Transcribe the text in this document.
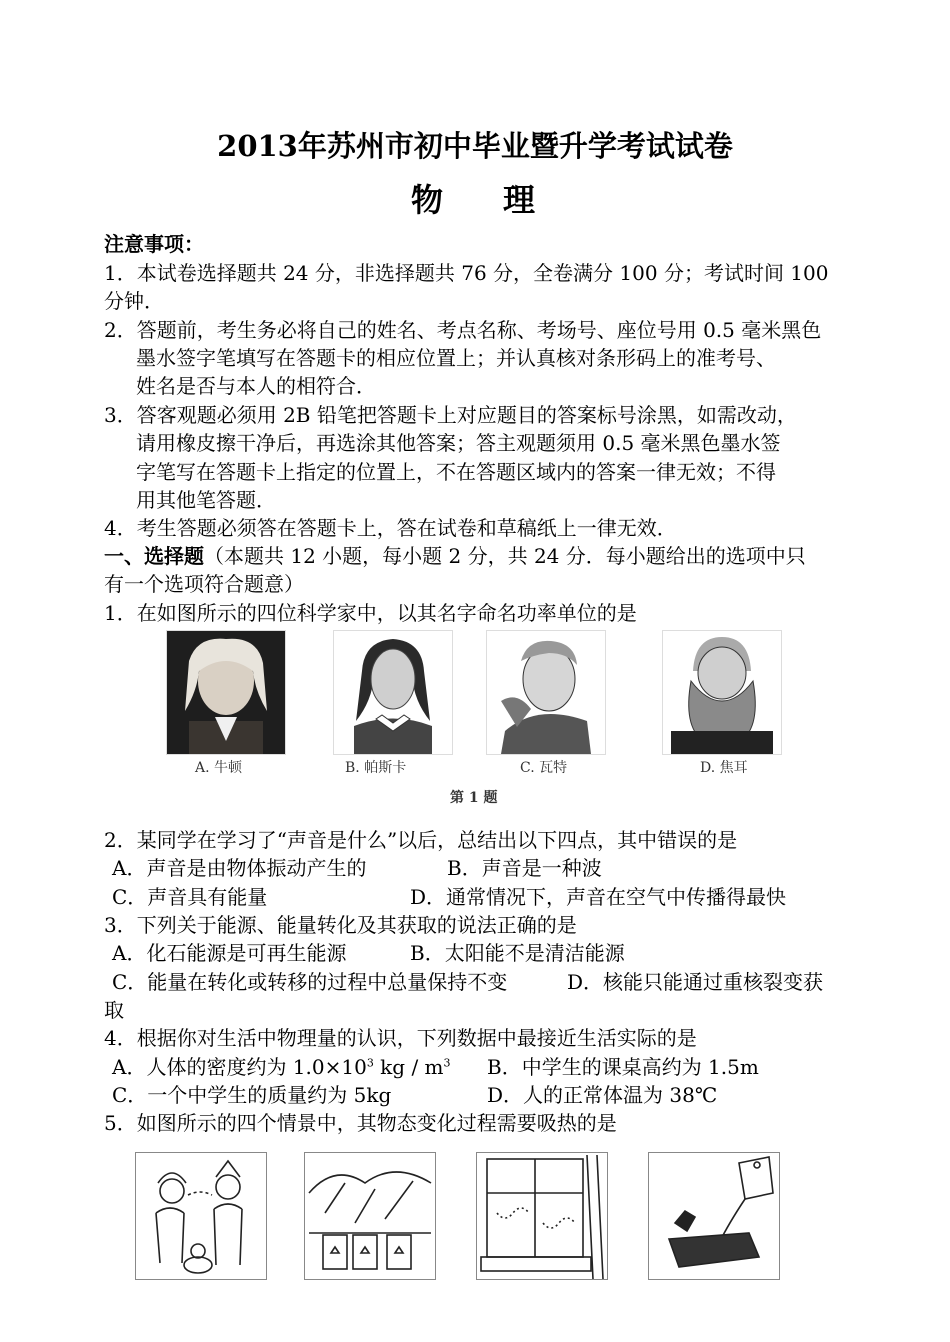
2013年苏州市初中毕业暨升学考试试卷
物 理
注意事项：
1．本试卷选择题共 24 分，非选择题共 76 分，全卷满分 100 分；考试时间 100
分钟．
2．答题前，考生务必将自己的姓名、考点名称、考场号、座位号用 0.5 毫米黑色
墨水签字笔填写在答题卡的相应位置上；并认真核对条形码上的准考号、
姓名是否与本人的相符合．
3．答客观题必须用 2B 铅笔把答题卡上对应题目的答案标号涂黑，如需改动，
请用橡皮擦干净后，再选涂其他答案；答主观题须用 0.5 毫米黑色墨水签
字笔写在答题卡上指定的位置上，不在答题区域内的答案一律无效；不得
用其他笔答题．
4．考生答题必须答在答题卡上，答在试卷和草稿纸上一律无效．
一、选择题（本题共 12 小题，每小题 2 分，共 24 分．每小题给出的选项中只
有一个选项符合题意）
1．在如图所示的四位科学家中，以其名字命名功率单位的是
2．某同学在学习了“声音是什么”以后，总结出以下四点，其中错误的是
A．声音是由物体振动产生的	B．声音是一种波
C．声音具有能量	D．通常情况下，声音在空气中传播得最快
3．下列关于能源、能量转化及其获取的说法正确的是
A．化石能源是可再生能源	B．太阳能不是清洁能源
C．能量在转化或转移的过程中总量保持不变	D．核能只能通过重核裂变获
取
4．根据你对生活中物理量的认识，下列数据中最接近生活实际的是
A．人体的密度约为 $1.0\times 10^3$ kg / $m^3$ B．中学生的课桌高约为 1.5m
C．一个中学生的质量约为 5kg	D．人的正常体温为 38℃
5．如图所示的四个情景中，其物态变化过程需要吸热的是
A. 牛顿	B. 帕斯卡	C. 瓦特	D. 焦耳
第 1 题
